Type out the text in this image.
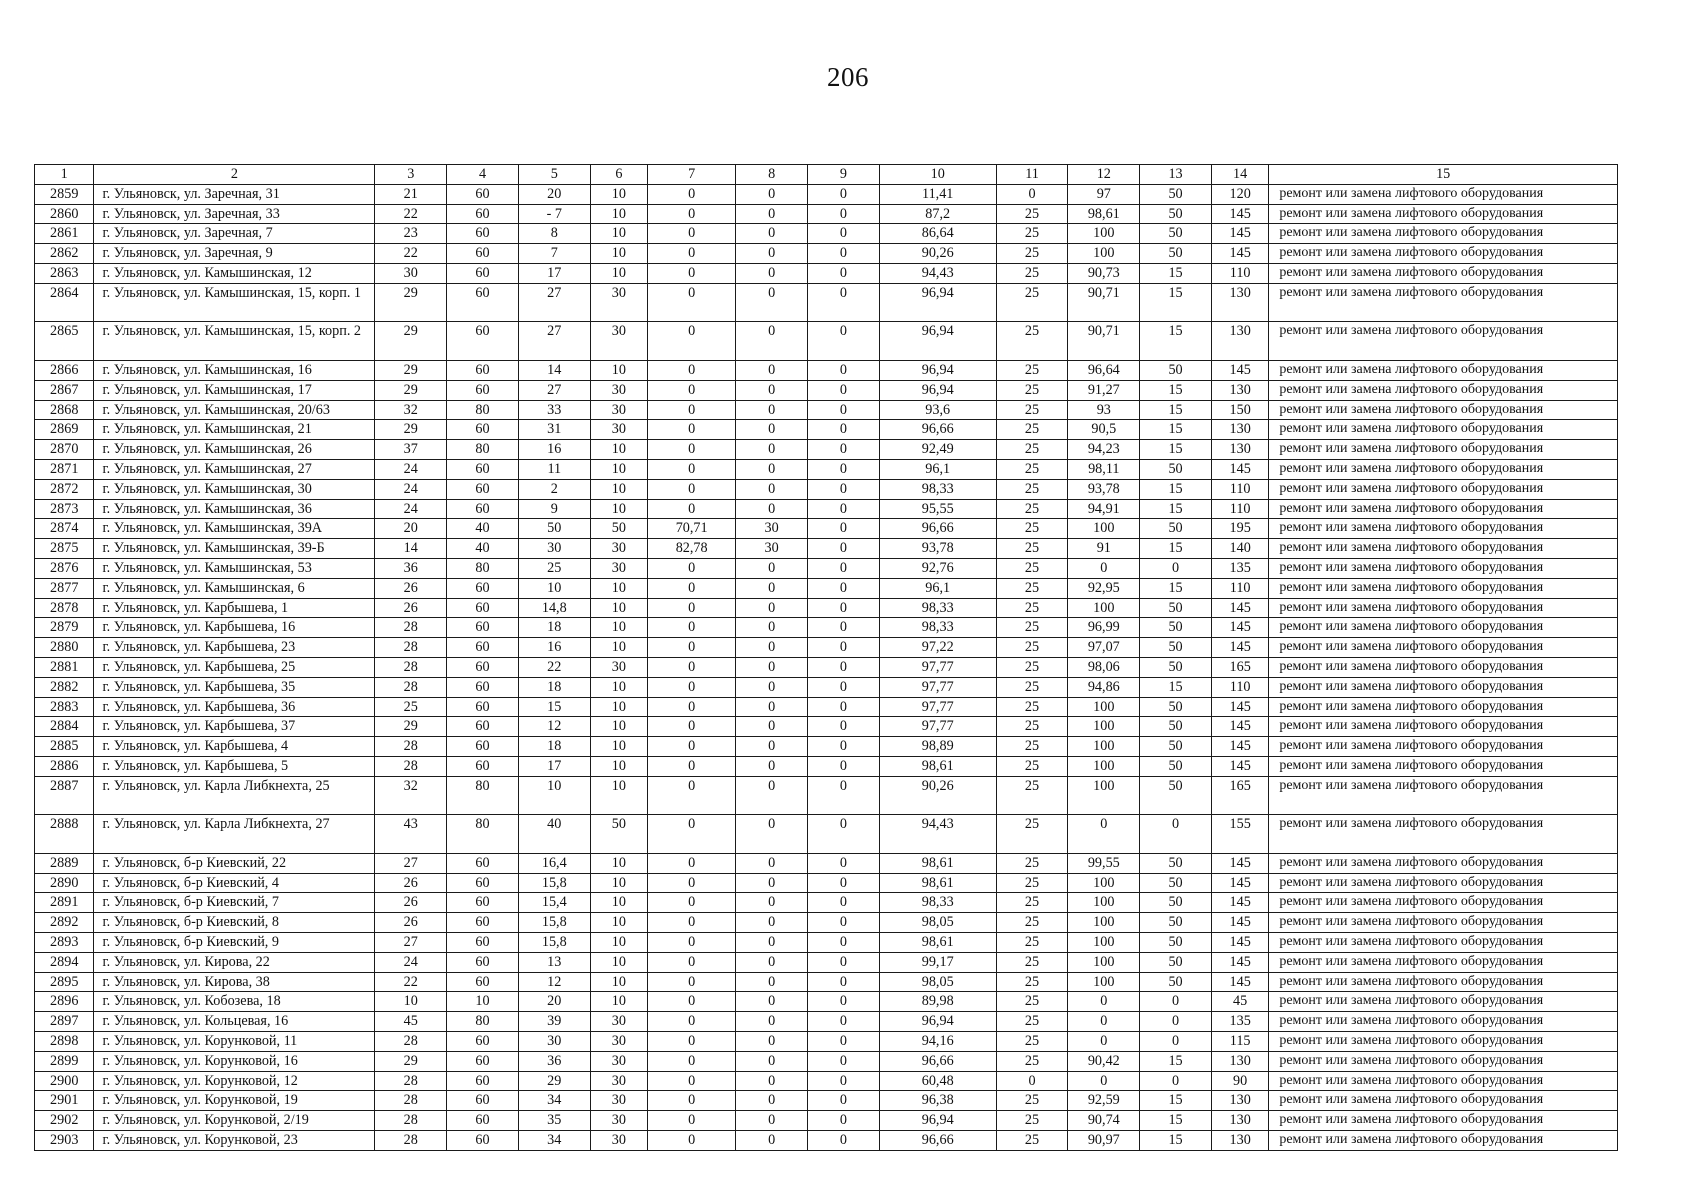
206
1	2	3	4	5	6	7	8	9	10	11	12	13	14	15
2859	г. Ульяновск, ул. Заречная, 31	21	60	20	10	0	0	0	11,41	0	97	50	120	ремонт или замена лифтового оборудования
2860	г. Ульяновск, ул. Заречная, 33	22	60	- 7	10	0	0	0	87,2	25	98,61	50	145	ремонт или замена лифтового оборудования
2861	г. Ульяновск, ул. Заречная, 7	23	60	8	10	0	0	0	86,64	25	100	50	145	ремонт или замена лифтового оборудования
2862	г. Ульяновск, ул. Заречная, 9	22	60	7	10	0	0	0	90,26	25	100	50	145	ремонт или замена лифтового оборудования
2863	г. Ульяновск, ул. Камышинская, 12	30	60	17	10	0	0	0	94,43	25	90,73	15	110	ремонт или замена лифтового оборудования
2864	г. Ульяновск, ул. Камышинская, 15, корп. 1	29	60	27	30	0	0	0	96,94	25	90,71	15	130	ремонт или замена лифтового оборудования
2865	г. Ульяновск, ул. Камышинская, 15, корп. 2	29	60	27	30	0	0	0	96,94	25	90,71	15	130	ремонт или замена лифтового оборудования
2866	г. Ульяновск, ул. Камышинская, 16	29	60	14	10	0	0	0	96,94	25	96,64	50	145	ремонт или замена лифтового оборудования
2867	г. Ульяновск, ул. Камышинская, 17	29	60	27	30	0	0	0	96,94	25	91,27	15	130	ремонт или замена лифтового оборудования
2868	г. Ульяновск, ул. Камышинская, 20/63	32	80	33	30	0	0	0	93,6	25	93	15	150	ремонт или замена лифтового оборудования
2869	г. Ульяновск, ул. Камышинская, 21	29	60	31	30	0	0	0	96,66	25	90,5	15	130	ремонт или замена лифтового оборудования
2870	г. Ульяновск, ул. Камышинская, 26	37	80	16	10	0	0	0	92,49	25	94,23	15	130	ремонт или замена лифтового оборудования
2871	г. Ульяновск, ул. Камышинская, 27	24	60	11	10	0	0	0	96,1	25	98,11	50	145	ремонт или замена лифтового оборудования
2872	г. Ульяновск, ул. Камышинская, 30	24	60	2	10	0	0	0	98,33	25	93,78	15	110	ремонт или замена лифтового оборудования
2873	г. Ульяновск, ул. Камышинская, 36	24	60	9	10	0	0	0	95,55	25	94,91	15	110	ремонт или замена лифтового оборудования
2874	г. Ульяновск, ул. Камышинская, 39А	20	40	50	50	70,71	30	0	96,66	25	100	50	195	ремонт или замена лифтового оборудования
2875	г. Ульяновск, ул. Камышинская, 39-Б	14	40	30	30	82,78	30	0	93,78	25	91	15	140	ремонт или замена лифтового оборудования
2876	г. Ульяновск, ул. Камышинская, 53	36	80	25	30	0	0	0	92,76	25	0	0	135	ремонт или замена лифтового оборудования
2877	г. Ульяновск, ул. Камышинская, 6	26	60	10	10	0	0	0	96,1	25	92,95	15	110	ремонт или замена лифтового оборудования
2878	г. Ульяновск, ул. Карбышева, 1	26	60	14,8	10	0	0	0	98,33	25	100	50	145	ремонт или замена лифтового оборудования
2879	г. Ульяновск, ул. Карбышева, 16	28	60	18	10	0	0	0	98,33	25	96,99	50	145	ремонт или замена лифтового оборудования
2880	г. Ульяновск, ул. Карбышева, 23	28	60	16	10	0	0	0	97,22	25	97,07	50	145	ремонт или замена лифтового оборудования
2881	г. Ульяновск, ул. Карбышева, 25	28	60	22	30	0	0	0	97,77	25	98,06	50	165	ремонт или замена лифтового оборудования
2882	г. Ульяновск, ул. Карбышева, 35	28	60	18	10	0	0	0	97,77	25	94,86	15	110	ремонт или замена лифтового оборудования
2883	г. Ульяновск, ул. Карбышева, 36	25	60	15	10	0	0	0	97,77	25	100	50	145	ремонт или замена лифтового оборудования
2884	г. Ульяновск, ул. Карбышева, 37	29	60	12	10	0	0	0	97,77	25	100	50	145	ремонт или замена лифтового оборудования
2885	г. Ульяновск, ул. Карбышева, 4	28	60	18	10	0	0	0	98,89	25	100	50	145	ремонт или замена лифтового оборудования
2886	г. Ульяновск, ул. Карбышева, 5	28	60	17	10	0	0	0	98,61	25	100	50	145	ремонт или замена лифтового оборудования
2887	г. Ульяновск, ул. Карла Либкнехта, 25	32	80	10	10	0	0	0	90,26	25	100	50	165	ремонт или замена лифтового оборудования
2888	г. Ульяновск, ул. Карла Либкнехта, 27	43	80	40	50	0	0	0	94,43	25	0	0	155	ремонт или замена лифтового оборудования
2889	г. Ульяновск, б-р Киевский, 22	27	60	16,4	10	0	0	0	98,61	25	99,55	50	145	ремонт или замена лифтового оборудования
2890	г. Ульяновск, б-р Киевский, 4	26	60	15,8	10	0	0	0	98,61	25	100	50	145	ремонт или замена лифтового оборудования
2891	г. Ульяновск, б-р Киевский, 7	26	60	15,4	10	0	0	0	98,33	25	100	50	145	ремонт или замена лифтового оборудования
2892	г. Ульяновск, б-р Киевский, 8	26	60	15,8	10	0	0	0	98,05	25	100	50	145	ремонт или замена лифтового оборудования
2893	г. Ульяновск, б-р Киевский, 9	27	60	15,8	10	0	0	0	98,61	25	100	50	145	ремонт или замена лифтового оборудования
2894	г. Ульяновск, ул. Кирова, 22	24	60	13	10	0	0	0	99,17	25	100	50	145	ремонт или замена лифтового оборудования
2895	г. Ульяновск, ул. Кирова, 38	22	60	12	10	0	0	0	98,05	25	100	50	145	ремонт или замена лифтового оборудования
2896	г. Ульяновск, ул. Кобозева, 18	10	10	20	10	0	0	0	89,98	25	0	0	45	ремонт или замена лифтового оборудования
2897	г. Ульяновск, ул. Кольцевая, 16	45	80	39	30	0	0	0	96,94	25	0	0	135	ремонт или замена лифтового оборудования
2898	г. Ульяновск, ул. Корунковой, 11	28	60	30	30	0	0	0	94,16	25	0	0	115	ремонт или замена лифтового оборудования
2899	г. Ульяновск, ул. Корунковой, 16	29	60	36	30	0	0	0	96,66	25	90,42	15	130	ремонт или замена лифтового оборудования
2900	г. Ульяновск, ул. Корунковой, 12	28	60	29	30	0	0	0	60,48	0	0	0	90	ремонт или замена лифтового оборудования
2901	г. Ульяновск, ул. Корунковой, 19	28	60	34	30	0	0	0	96,38	25	92,59	15	130	ремонт или замена лифтового оборудования
2902	г. Ульяновск, ул. Корунковой, 2/19	28	60	35	30	0	0	0	96,94	25	90,74	15	130	ремонт или замена лифтового оборудования
2903	г. Ульяновск, ул. Корунковой, 23	28	60	34	30	0	0	0	96,66	25	90,97	15	130	ремонт или замена лифтового оборудования
